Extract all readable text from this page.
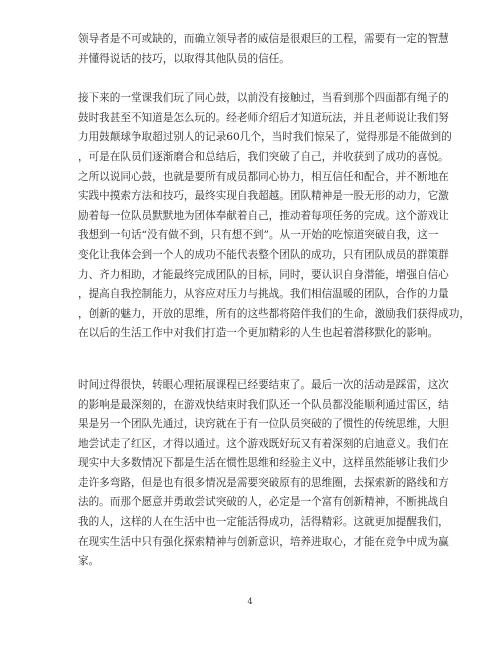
领导者是不可或缺的，而确立领导者的威信是很艰巨的工程，需要有一定的智慧
并懂得说话的技巧，以取得其他队员的信任。
接下来的一堂课我们玩了同心鼓，以前没有接触过，当看到那个四面都有绳子的
鼓时我甚至不知道是怎么玩的。经老师介绍后才知道玩法，并且老师说让我们努
力用鼓颠球争取超过别人的记录60几个，当时我们惊呆了，觉得那是不能做到的
，可是在队员们逐渐磨合和总结后，我们突破了自己，并收获到了成功的喜悦。
之所以说同心鼓，也就是要所有成员都同心协力，相互信任和配合，并不断地在
实践中摸索方法和技巧，最终实现自我超越。团队精神是一股无形的动力，它激
励着每一位队员默默地为团体奉献着自己，推动着每项任务的完成。这个游戏让
我想到一句话“没有做不到，只有想不到”。从一开始的吃惊道突破自我，这一
变化让我体会到一个人的成功不能代表整个团队的成功，只有团队成员的群策群
力、齐力相助，才能最终完成团队的目标，同时，要认识自身潜能，增强自信心
，提高自我控制能力，从容应对压力与挑战。我们相信温暖的团队，合作的力量
，创新的魅力，开放的思维，所有的这些都将陪伴我们的生命，激励我们获得成功，
在以后的生活工作中对我们打造一个更加精彩的人生也起着潜移默化的影响。
时间过得很快，转眼心理拓展课程已经要结束了。最后一次的活动是踩雷，这次
的影响是最深刻的，在游戏快结束时我们队还一个队员都没能顺利通过雷区，结
果是另一个团队先通过，诀窍就在于有一位队员突破的了惯性的传统思维，大胆
地尝试走了红区，才得以通过。这个游戏既好玩又有着深刻的启迪意义。我们在
现实中大多数情况下都是生活在惯性思维和经验主义中，这样虽然能够让我们少
走许多弯路，但是也有很多情况是需要突破原有的思维圈，去探索新的路线和方
法的。而那个愿意并勇敢尝试突破的人，必定是一个富有创新精神，不断挑战自
我的人，这样的人在生活中也一定能活得成功，活得精彩。这就更加提醒我们，
在现实生活中只有强化探索精神与创新意识，培养进取心，才能在竞争中成为赢
家。
4
